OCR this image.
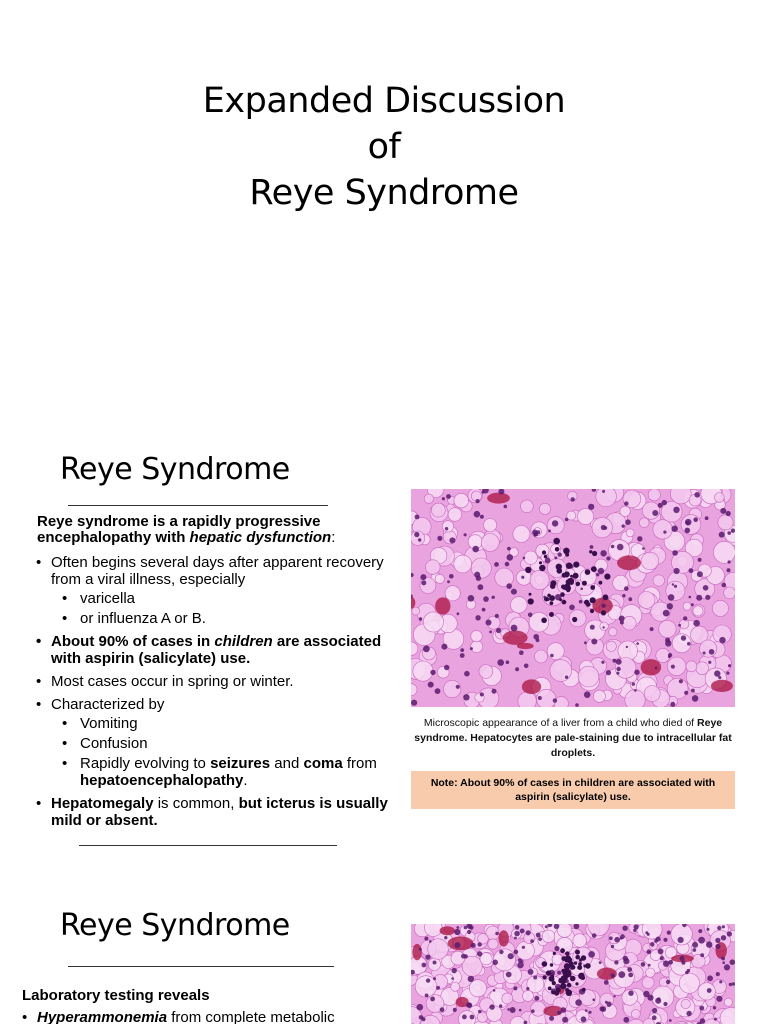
Expanded Discussion
of
Reye Syndrome
Reye Syndrome

Reye syndrome is a rapidly progressive encephalopathy with hepatic dysfunction:

• Often begins several days after apparent recovery from a viral illness, especially
• varicella
• or influenza A or B.
• About 90% of cases in children are associated with aspirin (salicylate) use.
• Most cases occur in spring or winter.
• Characterized by
• Vomiting
• Confusion
• Rapidly evolving to seizures and coma from hepatoencephalopathy.
• Hepatomegaly is common, but icterus is usually mild or absent.

Microscopic appearance of a liver from a child who died of Reye syndrome. Hepatocytes are pale-staining due to intracellular fat droplets.

Note: About 90% of cases in children are associated with aspirin (salicylate) use.
Reye Syndrome

Laboratory testing reveals

• Hyperammonemia from complete metabolic
